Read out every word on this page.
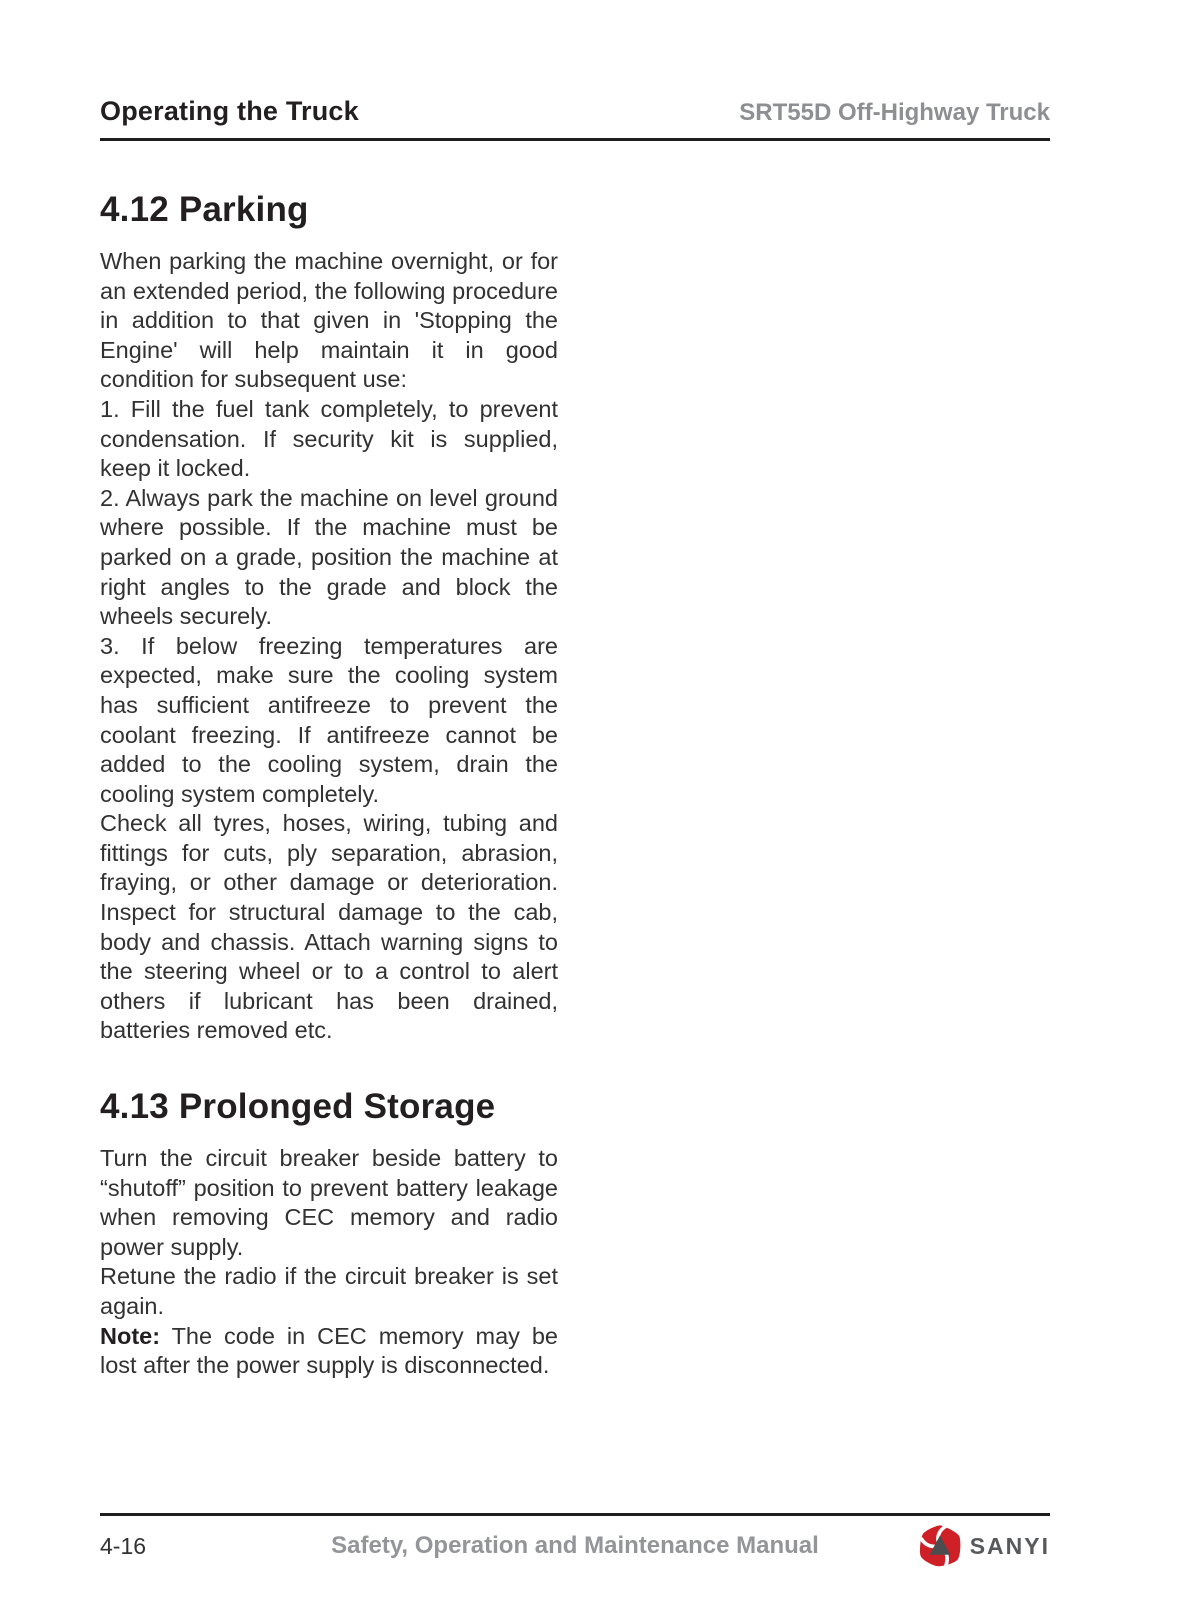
Operating the Truck	SRT55D Off-Highway Truck
4.12 Parking

When parking the machine overnight, or for an extended period, the following procedure in addition to that given in 'Stopping the Engine' will help maintain it in good condition for subsequent use:

1. Fill the fuel tank completely, to prevent condensation. If security kit is supplied, keep it locked.

2. Always park the machine on level ground where possible. If the machine must be parked on a grade, position the machine at right angles to the grade and block the wheels securely.

3. If below freezing temperatures are expected, make sure the cooling system has sufficient antifreeze to prevent the coolant freezing. If antifreeze cannot be added to the cooling system, drain the cooling system completely.

Check all tyres, hoses, wiring, tubing and fittings for cuts, ply separation, abrasion, fraying, or other damage or deterioration. Inspect for structural damage to the cab, body and chassis. Attach warning signs to the steering wheel or to a control to alert others if lubricant has been drained, batteries removed etc.

4.13 Prolonged Storage

Turn the circuit breaker beside battery to “shutoff” position to prevent battery leakage when removing CEC memory and radio power supply.

Retune the radio if the circuit breaker is set again.

Note: The code in CEC memory may be lost after the power supply is disconnected.

4-16	Safety, Operation and Maintenance Manual	SANYI
